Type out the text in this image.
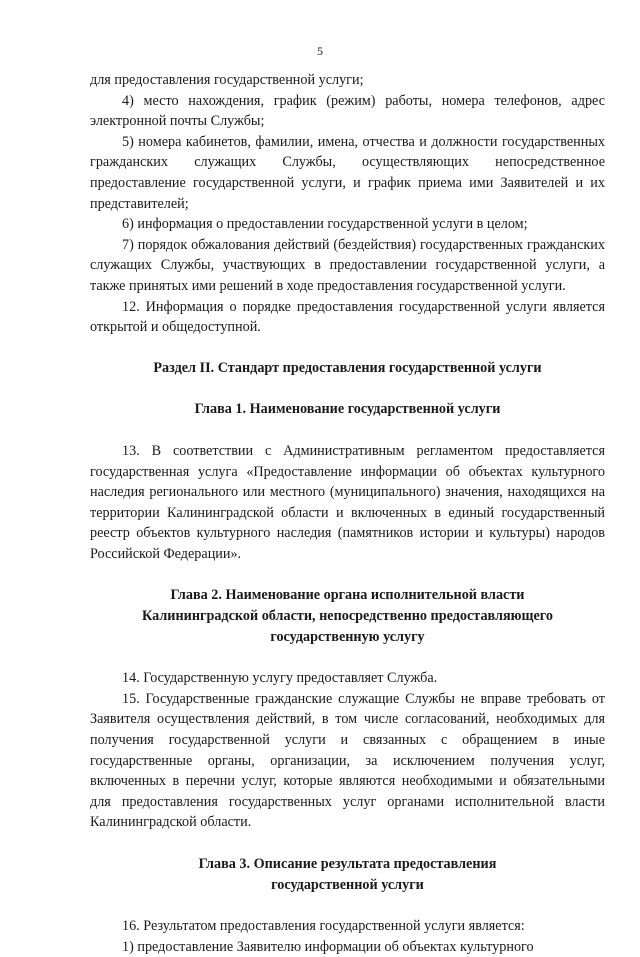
5

для предоставления государственной услуги;

4) место нахождения, график (режим) работы, номера телефонов, адрес электронной почты Службы;

5) номера кабинетов, фамилии, имена, отчества и должности государственных гражданских служащих Службы, осуществляющих непосредственное предоставление государственной услуги, и график приема ими Заявителей и их представителей;

6) информация о предоставлении государственной услуги в целом;

7) порядок обжалования действий (бездействия) государственных гражданских служащих Службы, участвующих в предоставлении государственной услуги, а также принятых ими решений в ходе предоставления государственной услуги.

12. Информация о порядке предоставления государственной услуги является открытой и общедоступной.

Раздел II. Стандарт предоставления государственной услуги
Глава 1. Наименование государственной услуги

13. В соответствии с Административным регламентом предоставляется государственная услуга «Предоставление информации об объектах культурного наследия регионального или местного (муниципального) значения, находящихся на территории Калининградской области и включенных в единый государственный реестр объектов культурного наследия (памятников истории и культуры) народов Российской Федерации».

Глава 2. Наименование органа исполнительной власти
Калининградской области, непосредственно предоставляющего
государственную услугу

14. Государственную услугу предоставляет Служба.

15. Государственные гражданские служащие Службы не вправе требовать от Заявителя осуществления действий, в том числе согласований, необходимых для получения государственной услуги и связанных с обращением в иные государственные органы, организации, за исключением получения услуг, включенных в перечни услуг, которые являются необходимыми и обязательными для предоставления государственных услуг органами исполнительной власти Калининградской области.

Глава 3. Описание результата предоставления
государственной услуги

16. Результатом предоставления государственной услуги является:

1) предоставление Заявителю информации об объектах культурного
